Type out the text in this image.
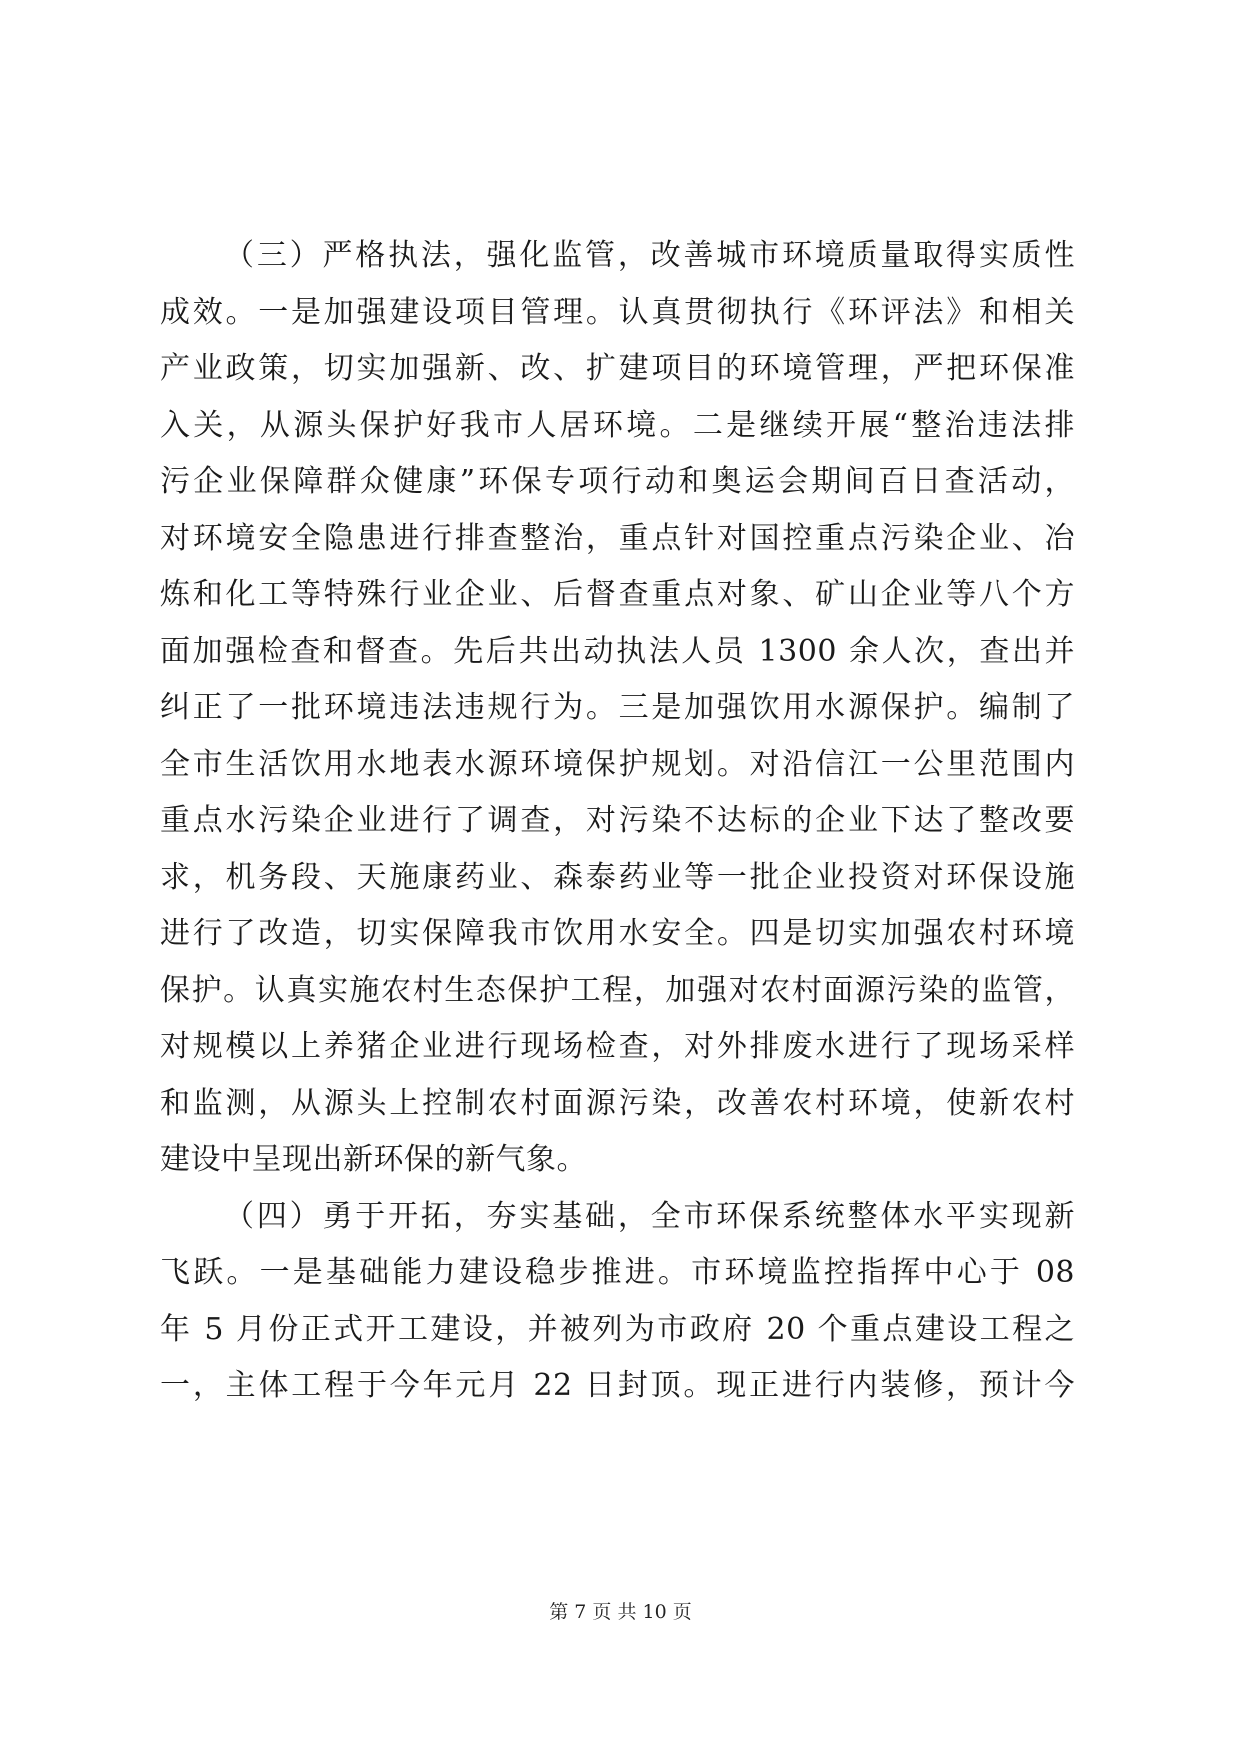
（三）严格执法，强化监管，改善城市环境质量取得实质性
成效。一是加强建设项目管理。认真贯彻执行《环评法》和相关
产业政策，切实加强新、改、扩建项目的环境管理，严把环保准
入关，从源头保护好我市人居环境。二是继续开展“整治违法排
污企业保障群众健康”环保专项行动和奥运会期间百日查活动，
对环境安全隐患进行排查整治，重点针对国控重点污染企业、冶
炼和化工等特殊行业企业、后督查重点对象、矿山企业等八个方
面加强检查和督查。先后共出动执法人员 1300 余人次，查出并
纠正了一批环境违法违规行为。三是加强饮用水源保护。编制了
全市生活饮用水地表水源环境保护规划。对沿信江一公里范围内
重点水污染企业进行了调查，对污染不达标的企业下达了整改要
求，机务段、天施康药业、森泰药业等一批企业投资对环保设施
进行了改造，切实保障我市饮用水安全。四是切实加强农村环境
保护。认真实施农村生态保护工程，加强对农村面源污染的监管，
对规模以上养猪企业进行现场检查，对外排废水进行了现场采样
和监测，从源头上控制农村面源污染，改善农村环境，使新农村
建设中呈现出新环保的新气象。
（四）勇于开拓，夯实基础，全市环保系统整体水平实现新
飞跃。一是基础能力建设稳步推进。市环境监控指挥中心于 08
年 5 月份正式开工建设，并被列为市政府 20 个重点建设工程之
一，主体工程于今年元月 22 日封顶。现正进行内装修，预计今
第 7 页 共 10 页
